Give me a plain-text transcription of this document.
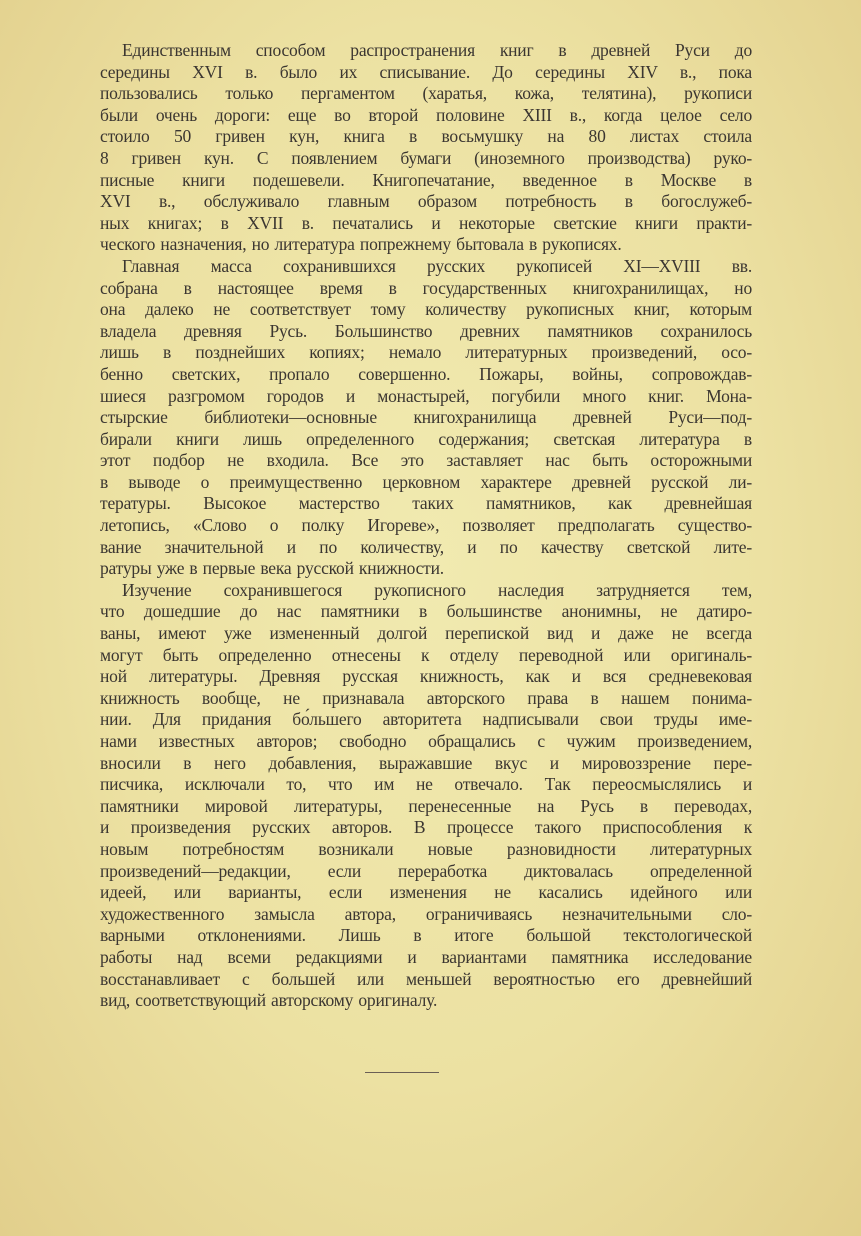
Единственным способом распространения книг в древней Руси до
середины XVI в. было их списывание. До середины XIV в., пока
пользовались только пергаментом (харатья, кожа, телятина), рукописи
были очень дороги: еще во второй половине XIII в., когда целое село
стоило 50 гривен кун, книга в восьмушку на 80 листах стоила
8 гривен кун. С появлением бумаги (иноземного производства) руко-
писные книги подешевели. Книгопечатание, введенное в Москве в
XVI в., обслуживало главным образом потребность в богослужеб-
ных книгах; в XVII в. печатались и некоторые светские книги практи-
ческого назначения, но литература попрежнему бытовала в рукописях.
Главная масса сохранившихся русских рукописей XI—XVIII вв.
собрана в настоящее время в государственных книгохранилищах, но
она далеко не соответствует тому количеству рукописных книг, которым
владела древняя Русь. Большинство древних памятников сохранилось
лишь в позднейших копиях; немало литературных произведений, осо-
бенно светских, пропало совершенно. Пожары, войны, сопровождав-
шиеся разгромом городов и монастырей, погубили много книг. Мона-
стырские библиотеки—основные книгохранилища древней Руси—под-
бирали книги лишь определенного содержания; светская литература в
этот подбор не входила. Все это заставляет нас быть осторожными
в выводе о преимущественно церковном характере древней русской ли-
тературы. Высокое мастерство таких памятников, как древнейшая
летопись, «Слово о полку Игореве», позволяет предполагать существо-
вание значительной и по количеству, и по качеству светской лите-
ратуры уже в первые века русской книжности.
Изучение сохранившегося рукописного наследия затрудняется тем,
что дошедшие до нас памятники в большинстве анонимны, не датиро-
ваны, имеют уже измененный долгой перепиской вид и даже не всегда
могут быть определенно отнесены к отделу переводной или оригиналь-
ной литературы. Древняя русская книжность, как и вся средневековая
книжность вообще, не признавала авторского права в нашем понима-
нии. Для придания бо́льшего авторитета надписывали свои труды име-
нами известных авторов; свободно обращались с чужим произведением,
вносили в него добавления, выражавшие вкус и мировоззрение пере-
писчика, исключали то, что им не отвечало. Так переосмыслялись и
памятники мировой литературы, перенесенные на Русь в переводах,
и произведения русских авторов. В процессе такого приспособления к
новым потребностям возникали новые разновидности литературных
произведений—редакции, если переработка диктовалась определенной
идеей, или варианты, если изменения не касались идейного или
художественного замысла автора, ограничиваясь незначительными сло-
варными отклонениями. Лишь в итоге большой текстологической
работы над всеми редакциями и вариантами памятника исследование
восстанавливает с большей или меньшей вероятностью его древнейший
вид, соответствующий авторскому оригиналу.
